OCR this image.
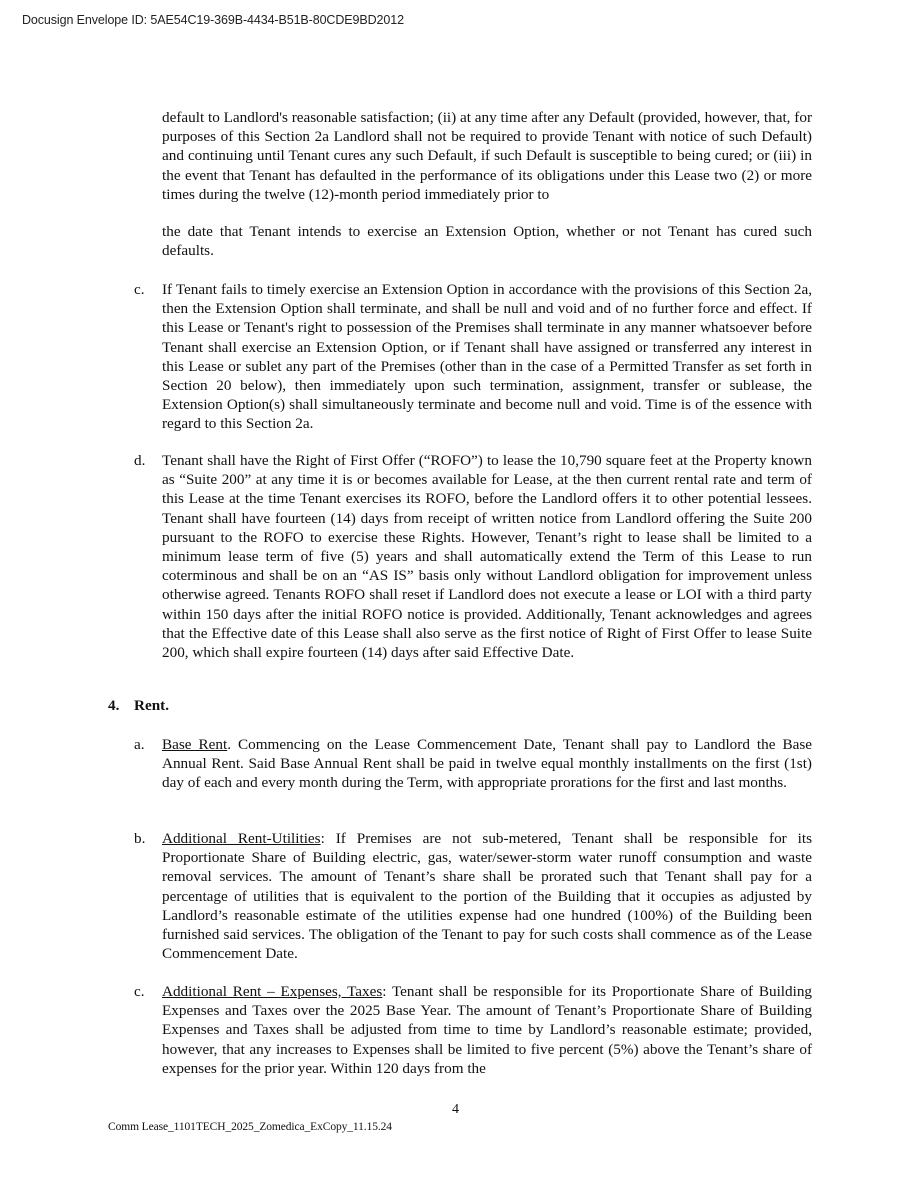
Docusign Envelope ID: 5AE54C19-369B-4434-B51B-80CDE9BD2012

default to Landlord's reasonable satisfaction; (ii) at any time after any Default (provided, however, that, for purposes of this Section 2a Landlord shall not be required to provide Tenant with notice of such Default) and continuing until Tenant cures any such Default, if such Default is susceptible to being cured; or (iii) in the event that Tenant has defaulted in the performance of its obligations under this Lease two (2) or more times during the twelve (12)-month period immediately prior to

the date that Tenant intends to exercise an Extension Option, whether or not Tenant has cured such defaults.

c. If Tenant fails to timely exercise an Extension Option in accordance with the provisions of this Section 2a, then the Extension Option shall terminate, and shall be null and void and of no further force and effect. If this Lease or Tenant's right to possession of the Premises shall terminate in any manner whatsoever before Tenant shall exercise an Extension Option, or if Tenant shall have assigned or transferred any interest in this Lease or sublet any part of the Premises (other than in the case of a Permitted Transfer as set forth in Section 20 below), then immediately upon such termination, assignment, transfer or sublease, the Extension Option(s) shall simultaneously terminate and become null and void. Time is of the essence with regard to this Section 2a.

d. Tenant shall have the Right of First Offer (“ROFO”) to lease the 10,790 square feet at the Property known as “Suite 200” at any time it is or becomes available for Lease, at the then current rental rate and term of this Lease at the time Tenant exercises its ROFO, before the Landlord offers it to other potential lessees. Tenant shall have fourteen (14) days from receipt of written notice from Landlord offering the Suite 200 pursuant to the ROFO to exercise these Rights. However, Tenant’s right to lease shall be limited to a minimum lease term of five (5) years and shall automatically extend the Term of this Lease to run coterminous and shall be on an “AS IS” basis only without Landlord obligation for improvement unless otherwise agreed. Tenants ROFO shall reset if Landlord does not execute a lease or LOI with a third party within 150 days after the initial ROFO notice is provided. Additionally, Tenant acknowledges and agrees that the Effective date of this Lease shall also serve as the first notice of Right of First Offer to lease Suite 200, which shall expire fourteen (14) days after said Effective Date.

4. Rent.
a. Base Rent. Commencing on the Lease Commencement Date, Tenant shall pay to Landlord the Base Annual Rent. Said Base Annual Rent shall be paid in twelve equal monthly installments on the first (1st) day of each and every month during the Term, with appropriate prorations for the first and last months.

b. Additional Rent-Utilities: If Premises are not sub-metered, Tenant shall be responsible for its Proportionate Share of Building electric, gas, water/sewer-storm water runoff consumption and waste removal services. The amount of Tenant’s share shall be prorated such that Tenant shall pay for a percentage of utilities that is equivalent to the portion of the Building that it occupies as adjusted by Landlord’s reasonable estimate of the utilities expense had one hundred (100%) of the Building been furnished said services. The obligation of the Tenant to pay for such costs shall commence as of the Lease Commencement Date.

c. Additional Rent – Expenses, Taxes: Tenant shall be responsible for its Proportionate Share of Building Expenses and Taxes over the 2025 Base Year. The amount of Tenant’s Proportionate Share of Building Expenses and Taxes shall be adjusted from time to time by Landlord’s reasonable estimate; provided, however, that any increases to Expenses shall be limited to five percent (5%) above the Tenant’s share of expenses for the prior year. Within 120 days from the

4
Comm Lease_1101TECH_2025_Zomedica_ExCopy_11.15.24
